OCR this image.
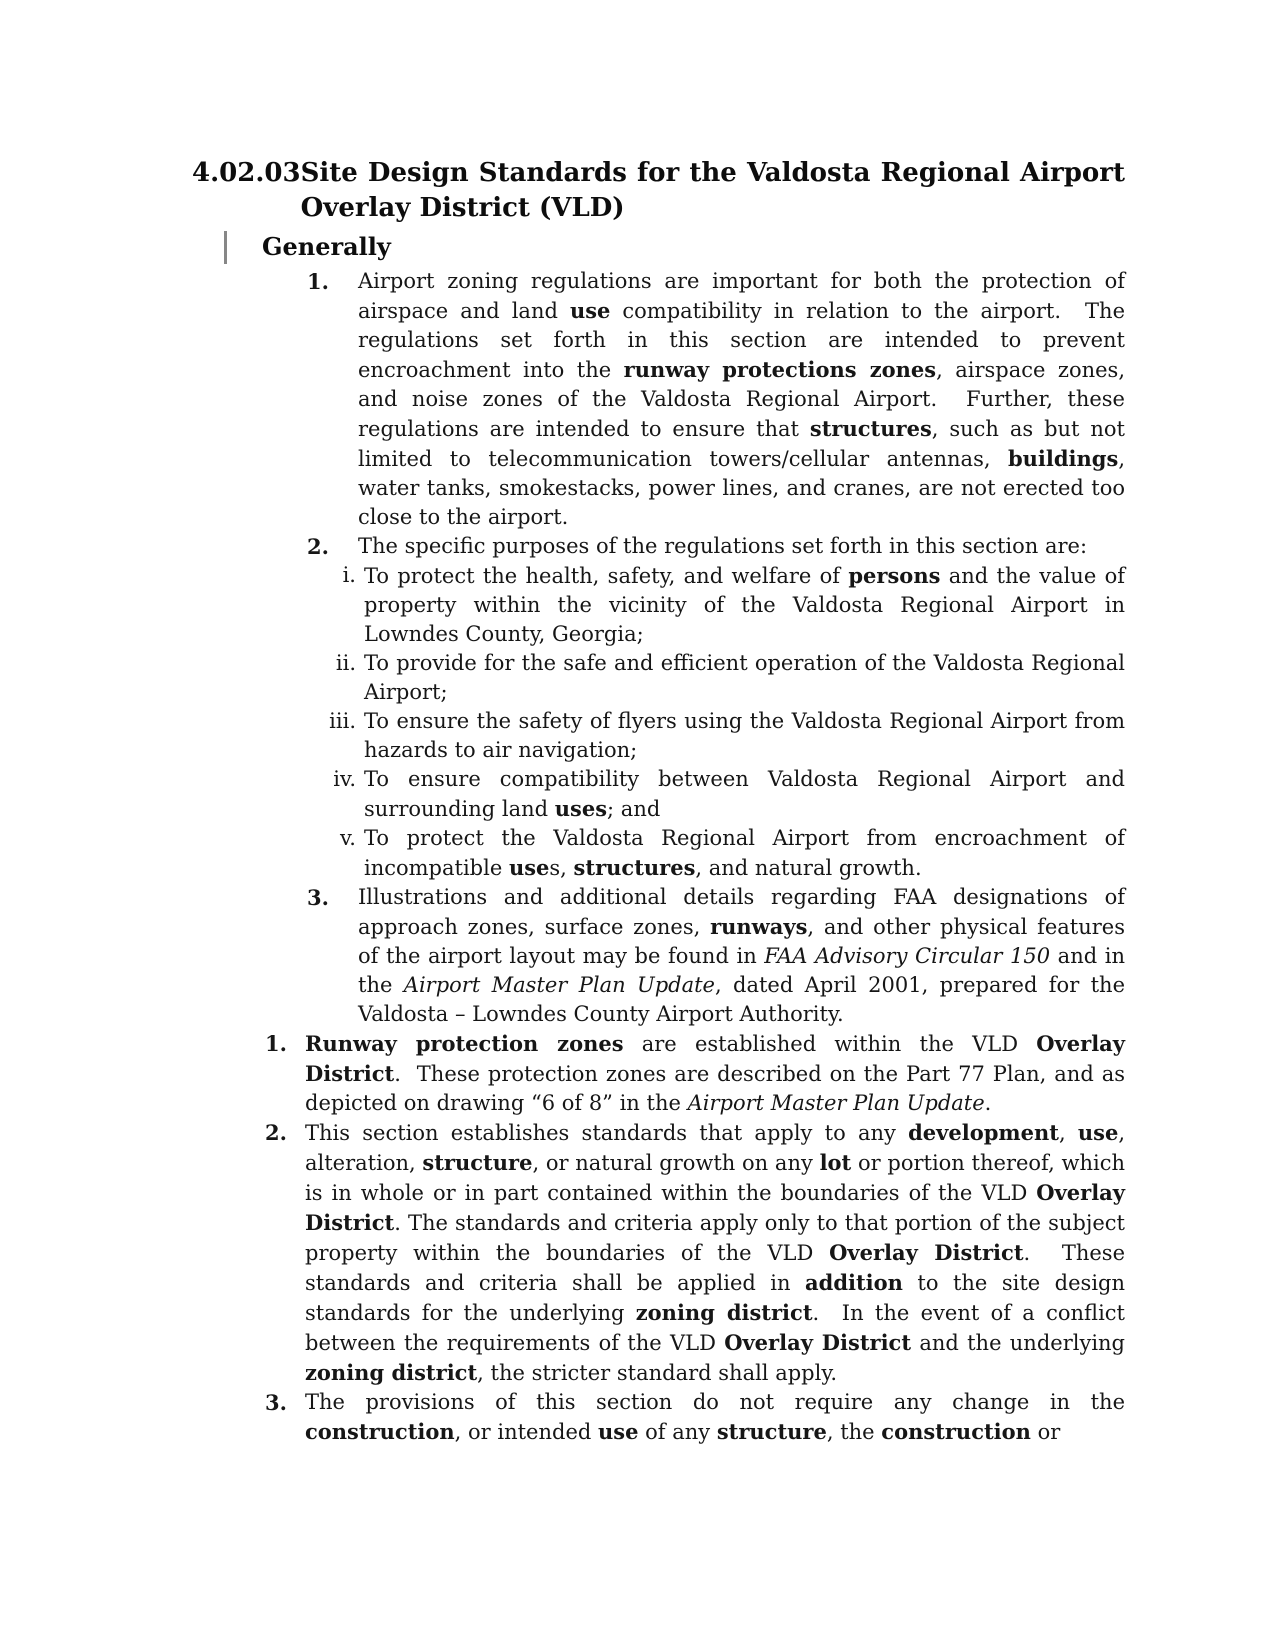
4.02.03 Site Design Standards for the Valdosta Regional Airport
Overlay District (VLD)
Generally
1.	Airport zoning regulations are important for both the protection of airspace and land use compatibility in relation to the airport.  The regulations set forth in this section are intended to prevent encroachment into the runway protections zones, airspace zones, and noise zones of the Valdosta Regional Airport.  Further, these regulations are intended to ensure that structures, such as but not limited to telecommunication towers/cellular antennas, buildings, water tanks, smokestacks, power lines, and cranes, are not erected too close to the airport.

2.	The specific purposes of the regulations set forth in this section are:

i. To protect the health, safety, and welfare of persons and the value of property within the vicinity of the Valdosta Regional Airport in Lowndes County, Georgia;

ii. To provide for the safe and efficient operation of the Valdosta Regional Airport;

iii. To ensure the safety of flyers using the Valdosta Regional Airport from hazards to air navigation;

iv. To ensure compatibility between Valdosta Regional Airport and surrounding land uses; and

v. To protect the Valdosta Regional Airport from encroachment of incompatible uses, structures, and natural growth.

3.	Illustrations and additional details regarding FAA designations of approach zones, surface zones, runways, and other physical features of the airport layout may be found in FAA Advisory Circular 150 and in the Airport Master Plan Update, dated April 2001, prepared for the Valdosta – Lowndes County Airport Authority.

1. Runway protection zones are established within the VLD Overlay District.  These protection zones are described on the Part 77 Plan, and as depicted on drawing “6 of 8” in the Airport Master Plan Update.

2. This section establishes standards that apply to any development, use, alteration, structure, or natural growth on any lot or portion thereof, which is in whole or in part contained within the boundaries of the VLD Overlay District. The standards and criteria apply only to that portion of the subject property within the boundaries of the VLD Overlay District.  These standards and criteria shall be applied in addition to the site design standards for the underlying zoning district.  In the event of a conflict between the requirements of the VLD Overlay District and the underlying zoning district, the stricter standard shall apply.

3. The provisions of this section do not require any change in the construction, or intended use of any structure, the construction or
